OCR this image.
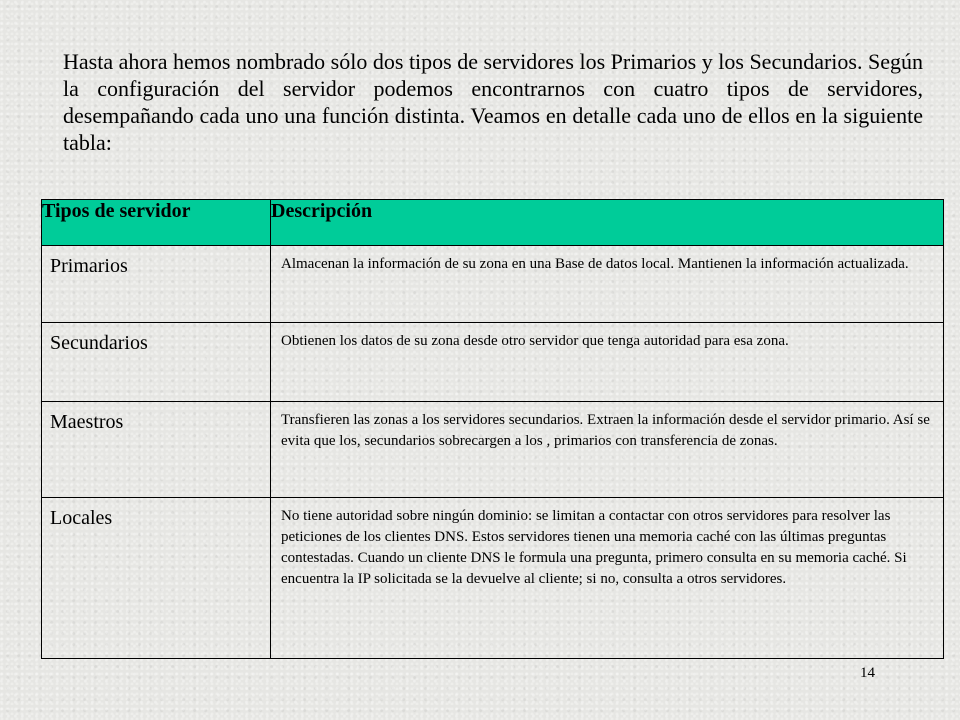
Hasta ahora hemos nombrado sólo dos tipos de servidores los Primarios y los Secundarios. Según la configuración del servidor podemos encontrarnos con cuatro tipos de servidores, desempañando cada uno una función distinta. Veamos en detalle cada uno de ellos en la siguiente tabla:

Tipos de servidor	Descripción
Primarios	Almacenan la información de su zona en una Base de datos local. Mantienen la información actualizada.
Secundarios	Obtienen los datos de su zona desde otro servidor que tenga autoridad para esa zona.
Maestros	Transfieren las zonas a los servidores secundarios. Extraen la información desde el servidor primario. Así se evita que los, secundarios sobrecargen a los , primarios con transferencia de zonas.
Locales	No tiene autoridad sobre ningún dominio: se limitan a contactar con otros servidores para resolver las peticiones de los clientes DNS. Estos servidores tienen una memoria caché con las últimas preguntas contestadas. Cuando un cliente DNS le formula una pregunta, primero consulta en su memoria caché. Si encuentra la IP solicitada se la devuelve al cliente; si no, consulta a otros servidores.

14
